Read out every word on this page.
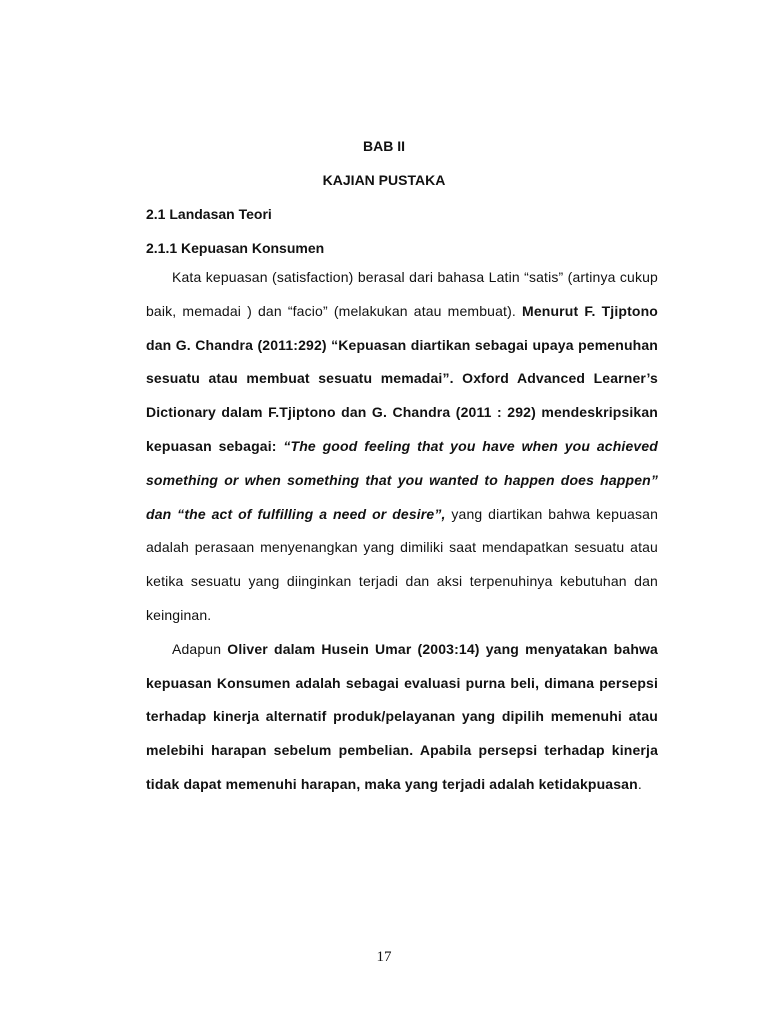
BAB II
KAJIAN PUSTAKA
2.1 Landasan Teori
2.1.1 Kepuasan Konsumen

Kata kepuasan (satisfaction) berasal dari bahasa Latin “satis” (artinya cukup baik, memadai ) dan “facio” (melakukan atau membuat). Menurut F. Tjiptono dan G. Chandra (2011:292) “Kepuasan diartikan sebagai upaya pemenuhan sesuatu atau membuat sesuatu memadai”. Oxford Advanced Learner’s Dictionary dalam F.Tjiptono dan G. Chandra (2011 : 292) mendeskripsikan kepuasan sebagai: “The good feeling that you have when you achieved something or when something that you wanted to happen does happen” dan “the act of fulfilling a need or desire”, yang diartikan bahwa kepuasan adalah perasaan menyenangkan yang dimiliki saat mendapatkan sesuatu atau ketika sesuatu yang diinginkan terjadi dan aksi terpenuhinya kebutuhan dan keinginan.

Adapun Oliver dalam Husein Umar (2003:14) yang menyatakan bahwa kepuasan Konsumen adalah sebagai evaluasi purna beli, dimana persepsi terhadap kinerja alternatif produk/pelayanan yang dipilih memenuhi atau melebihi harapan sebelum pembelian. Apabila persepsi terhadap kinerja tidak dapat memenuhi harapan, maka yang terjadi adalah ketidakpuasan.

17
